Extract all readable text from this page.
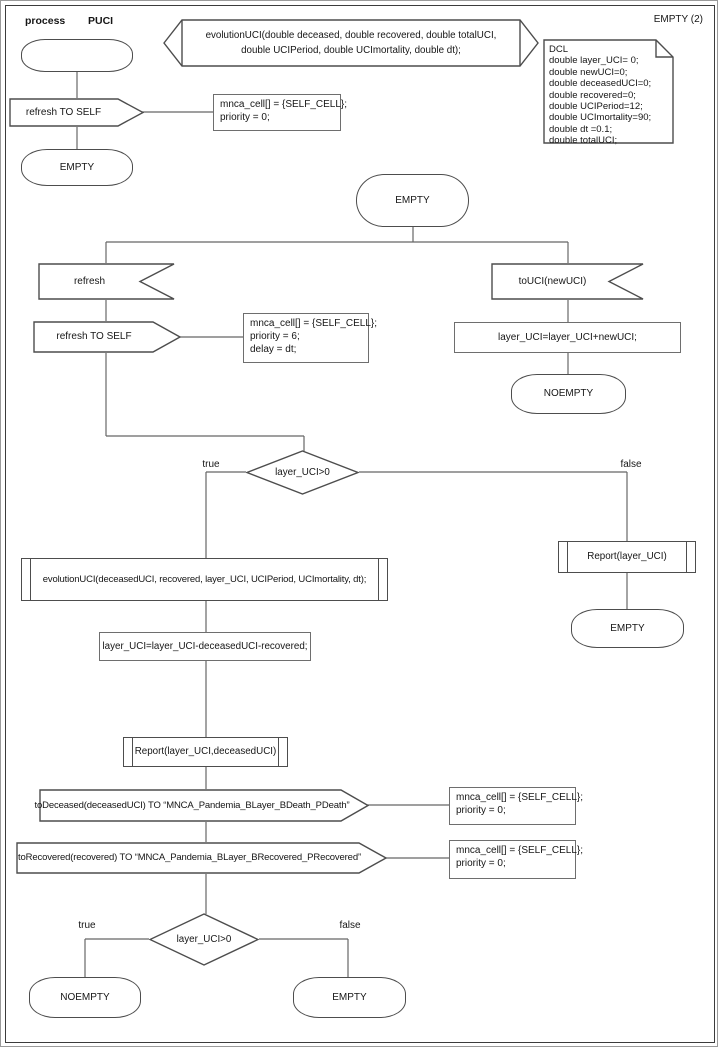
process PUCI	EMPTY (2)
refresh TO SELF
mnca_cell[] = {SELF_CELL};
priority = 0;
EMPTY
evolutionUCI(double deceased, double recovered, double totalUCI,
double UCIPeriod, double UCImortality, double dt);	DCL
double layer_UCI= 0;
double newUCI=0;
double deceasedUCI=0;
double recovered=0;
double UCIPeriod=12;
double UCImortality=90;
double dt =0.1;
double totalUCI;
EMPTY
refresh
refresh TO SELF
mnca_cell[] = {SELF_CELL};
priority = 6;
delay = dt;
toUCI(newUCI)
layer_UCI=layer_UCI+newUCI;
NOEMPTY
layer_UCI>0
true	false
evolutionUCI(deceasedUCI, recovered, layer_UCI, UCIPeriod, UCImortality, dt);
layer_UCI=layer_UCI-deceasedUCI-recovered;
Report(layer_UCI,deceasedUCI)
toDeceased(deceasedUCI) TO “MNCA_Pandemia_BLayer_BDeath_PDeath”
mnca_cell[] = {SELF_CELL};
priority = 0;
toRecovered(recovered) TO “MNCA_Pandemia_BLayer_BRecovered_PRecovered”
mnca_cell[] = {SELF_CELL};
priority = 0;
Report(layer_UCI)
EMPTY
layer_UCI>0
true	false
NOEMPTY	EMPTY
